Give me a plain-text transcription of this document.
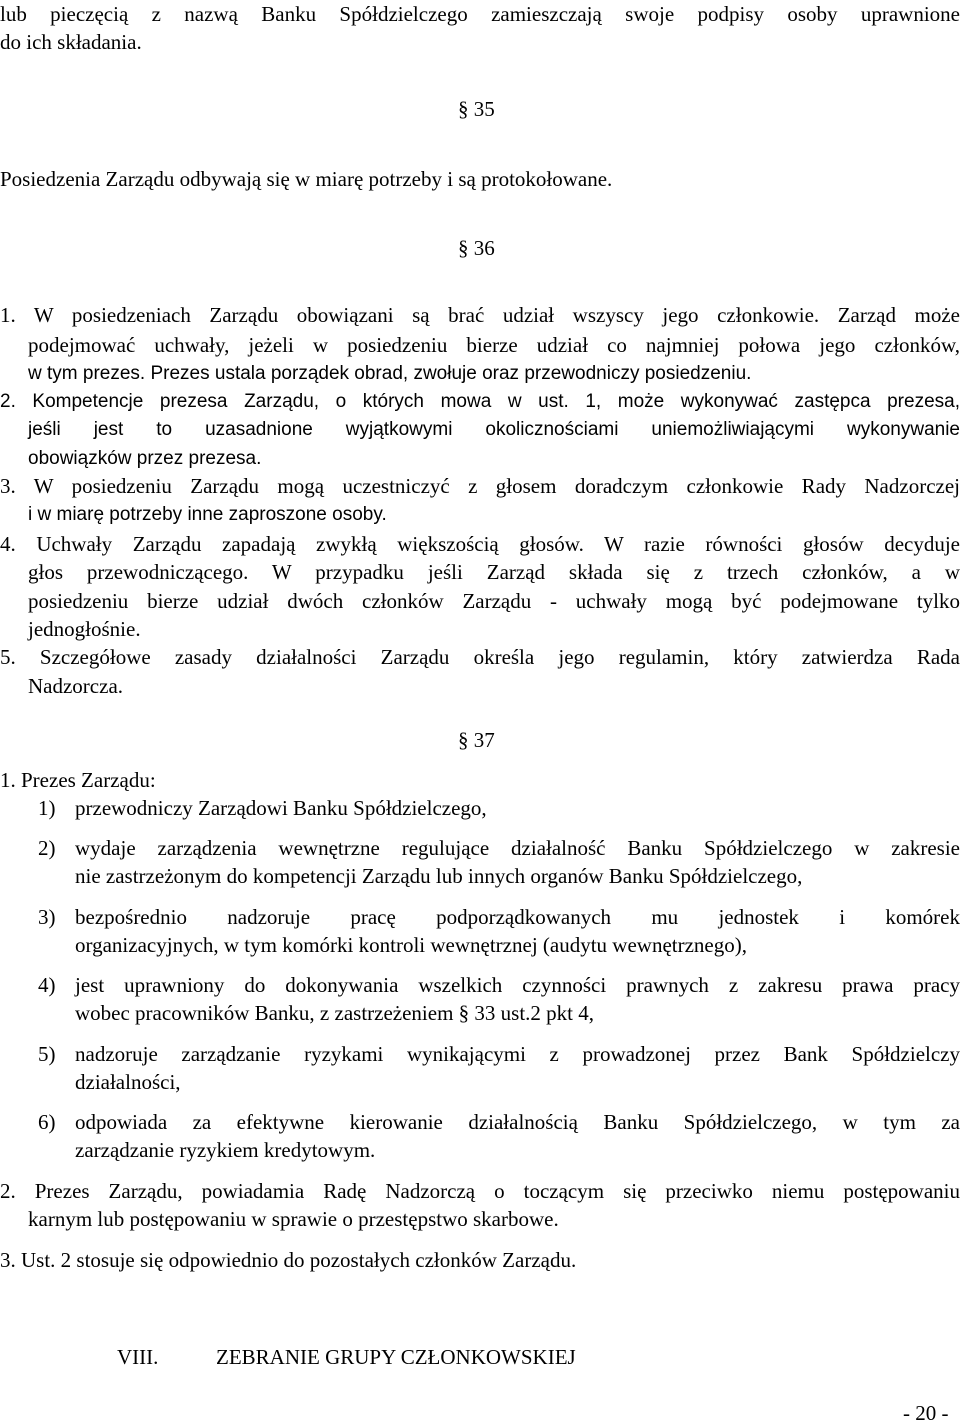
lub pieczęcią z nazwą Banku Spółdzielczego zamieszczają swoje podpisy osoby uprawnione
do ich składania.
§ 35
Posiedzenia Zarządu odbywają się w miarę potrzeby i są protokołowane.
§ 36
1. W posiedzeniach Zarządu obowiązani są brać udział wszyscy jego członkowie. Zarząd może
podejmować uchwały, jeżeli w posiedzeniu bierze udział co najmniej połowa jego członków,
w tym prezes. Prezes ustala porządek obrad, zwołuje oraz przewodniczy posiedzeniu.
2. Kompetencje prezesa Zarządu, o których mowa w ust. 1, może wykonywać zastępca prezesa,
jeśli jest to uzasadnione wyjątkowymi okolicznościami uniemożliwiającymi wykonywanie
obowiązków przez prezesa.
3. W posiedzeniu Zarządu mogą uczestniczyć z głosem doradczym członkowie Rady Nadzorczej
i w miarę potrzeby inne zaproszone osoby.
4. Uchwały Zarządu zapadają zwykłą większością głosów. W razie równości głosów decyduje
głos przewodniczącego. W przypadku jeśli Zarząd składa się z trzech członków, a w
posiedzeniu bierze udział dwóch członków Zarządu - uchwały mogą być podejmowane tylko
jednogłośnie.
5. Szczegółowe zasady działalności Zarządu określa jego regulamin, który zatwierdza Rada
Nadzorcza.
§ 37
1. Prezes Zarządu:
1) przewodniczy Zarządowi Banku Spółdzielczego,
2) wydaje zarządzenia wewnętrzne regulujące działalność Banku Spółdzielczego w zakresie
nie zastrzeżonym do kompetencji Zarządu lub innych organów Banku Spółdzielczego,
3) bezpośrednio nadzoruje pracę podporządkowanych mu jednostek i komórek
organizacyjnych, w tym komórki kontroli wewnętrznej (audytu wewnętrznego),
4) jest uprawniony do dokonywania wszelkich czynności prawnych z zakresu prawa pracy
wobec pracowników Banku, z zastrzeżeniem § 33 ust.2 pkt 4,
5) nadzoruje zarządzanie ryzykami wynikającymi z prowadzonej przez Bank Spółdzielczy
działalności,
6) odpowiada za efektywne kierowanie działalnością Banku Spółdzielczego, w tym za
zarządzanie ryzykiem kredytowym.
2. Prezes Zarządu, powiadamia Radę Nadzorczą o toczącym się przeciwko niemu postępowaniu
karnym lub postępowaniu w sprawie o przestępstwo skarbowe.
3. Ust. 2 stosuje się odpowiednio do pozostałych członków Zarządu.
VIII.	ZEBRANIE GRUPY CZŁONKOWSKIEJ
- 20 -
